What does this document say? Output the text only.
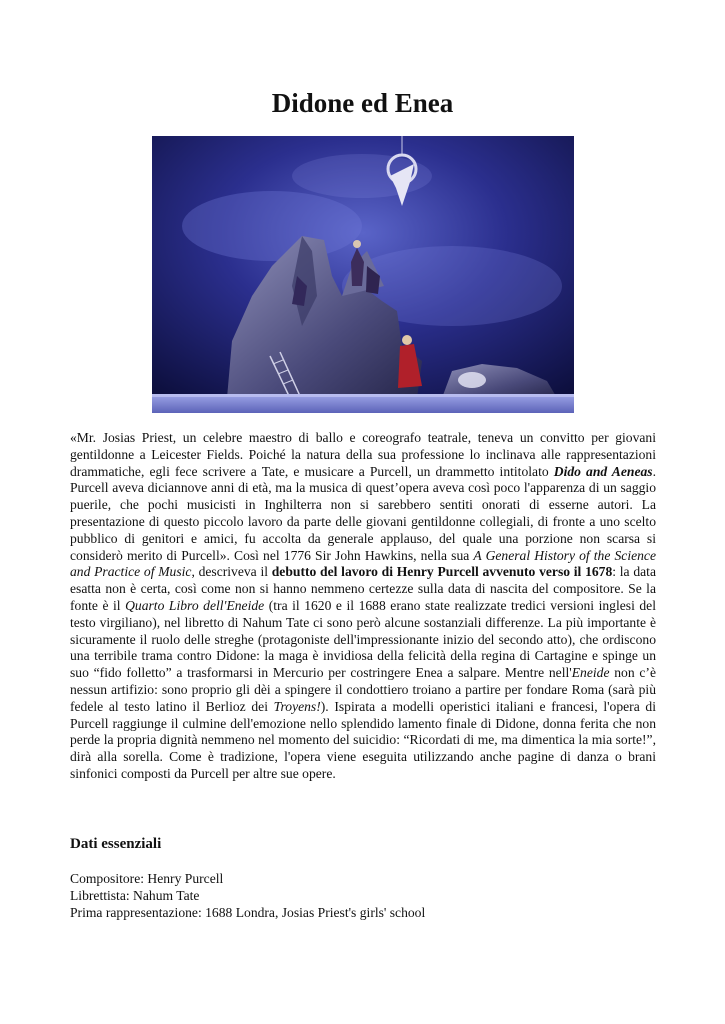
Didone ed Enea

«Mr. Josias Priest, un celebre maestro di ballo e coreografo teatrale, teneva un convitto per giovani gentildonne a Leicester Fields. Poiché la natura della sua professione lo inclinava alle rappresentazioni drammatiche, egli fece scrivere a Tate, e musicare a Purcell, un drammetto intitolato Dido and Aeneas. Purcell aveva diciannove anni di età, ma la musica di quest’opera aveva così poco l'apparenza di un saggio puerile, che pochi musicisti in Inghilterra non si sarebbero sentiti onorati di esserne autori. La presentazione di questo piccolo lavoro da parte delle giovani gentildonne collegiali, di fronte a uno scelto pubblico di genitori e amici, fu accolta da generale applauso, del quale una porzione non scarsa si considerò merito di Purcell». Così nel 1776 Sir John Hawkins, nella sua A General History of the Science and Practice of Music, descriveva il debutto del lavoro di Henry Purcell avvenuto verso il 1678: la data esatta non è certa, così come non si hanno nemmeno certezze sulla data di nascita del compositore. Se la fonte è il Quarto Libro dell'Eneide (tra il 1620 e il 1688 erano state realizzate tredici versioni inglesi del testo virgiliano), nel libretto di Nahum Tate ci sono però alcune sostanziali differenze. La più importante è sicuramente il ruolo delle streghe (protagoniste dell'impressionante inizio del secondo atto), che ordiscono una terribile trama contro Didone: la maga è invidiosa della felicità della regina di Cartagine e spinge un suo “fido folletto” a trasformarsi in Mercurio per costringere Enea a salpare. Mentre nell'Eneide non c’è nessun artifizio: sono proprio gli dèi a spingere il condottiero troiano a partire per fondare Roma (sarà più fedele al testo latino il Berlioz dei Troyens!). Ispirata a modelli operistici italiani e francesi, l'opera di Purcell raggiunge il culmine dell'emozione nello splendido lamento finale di Didone, donna ferita che non perde la propria dignità nemmeno nel momento del suicidio: “Ricordati di me, ma dimentica la mia sorte!”, dirà alla sorella. Come è tradizione, l'opera viene eseguita utilizzando anche pagine di danza o brani sinfonici composti da Purcell per altre sue opere.

Dati essenziali
Compositore: Henry Purcell
Librettista: Nahum Tate
Prima rappresentazione: 1688 Londra, Josias Priest's girls' school
